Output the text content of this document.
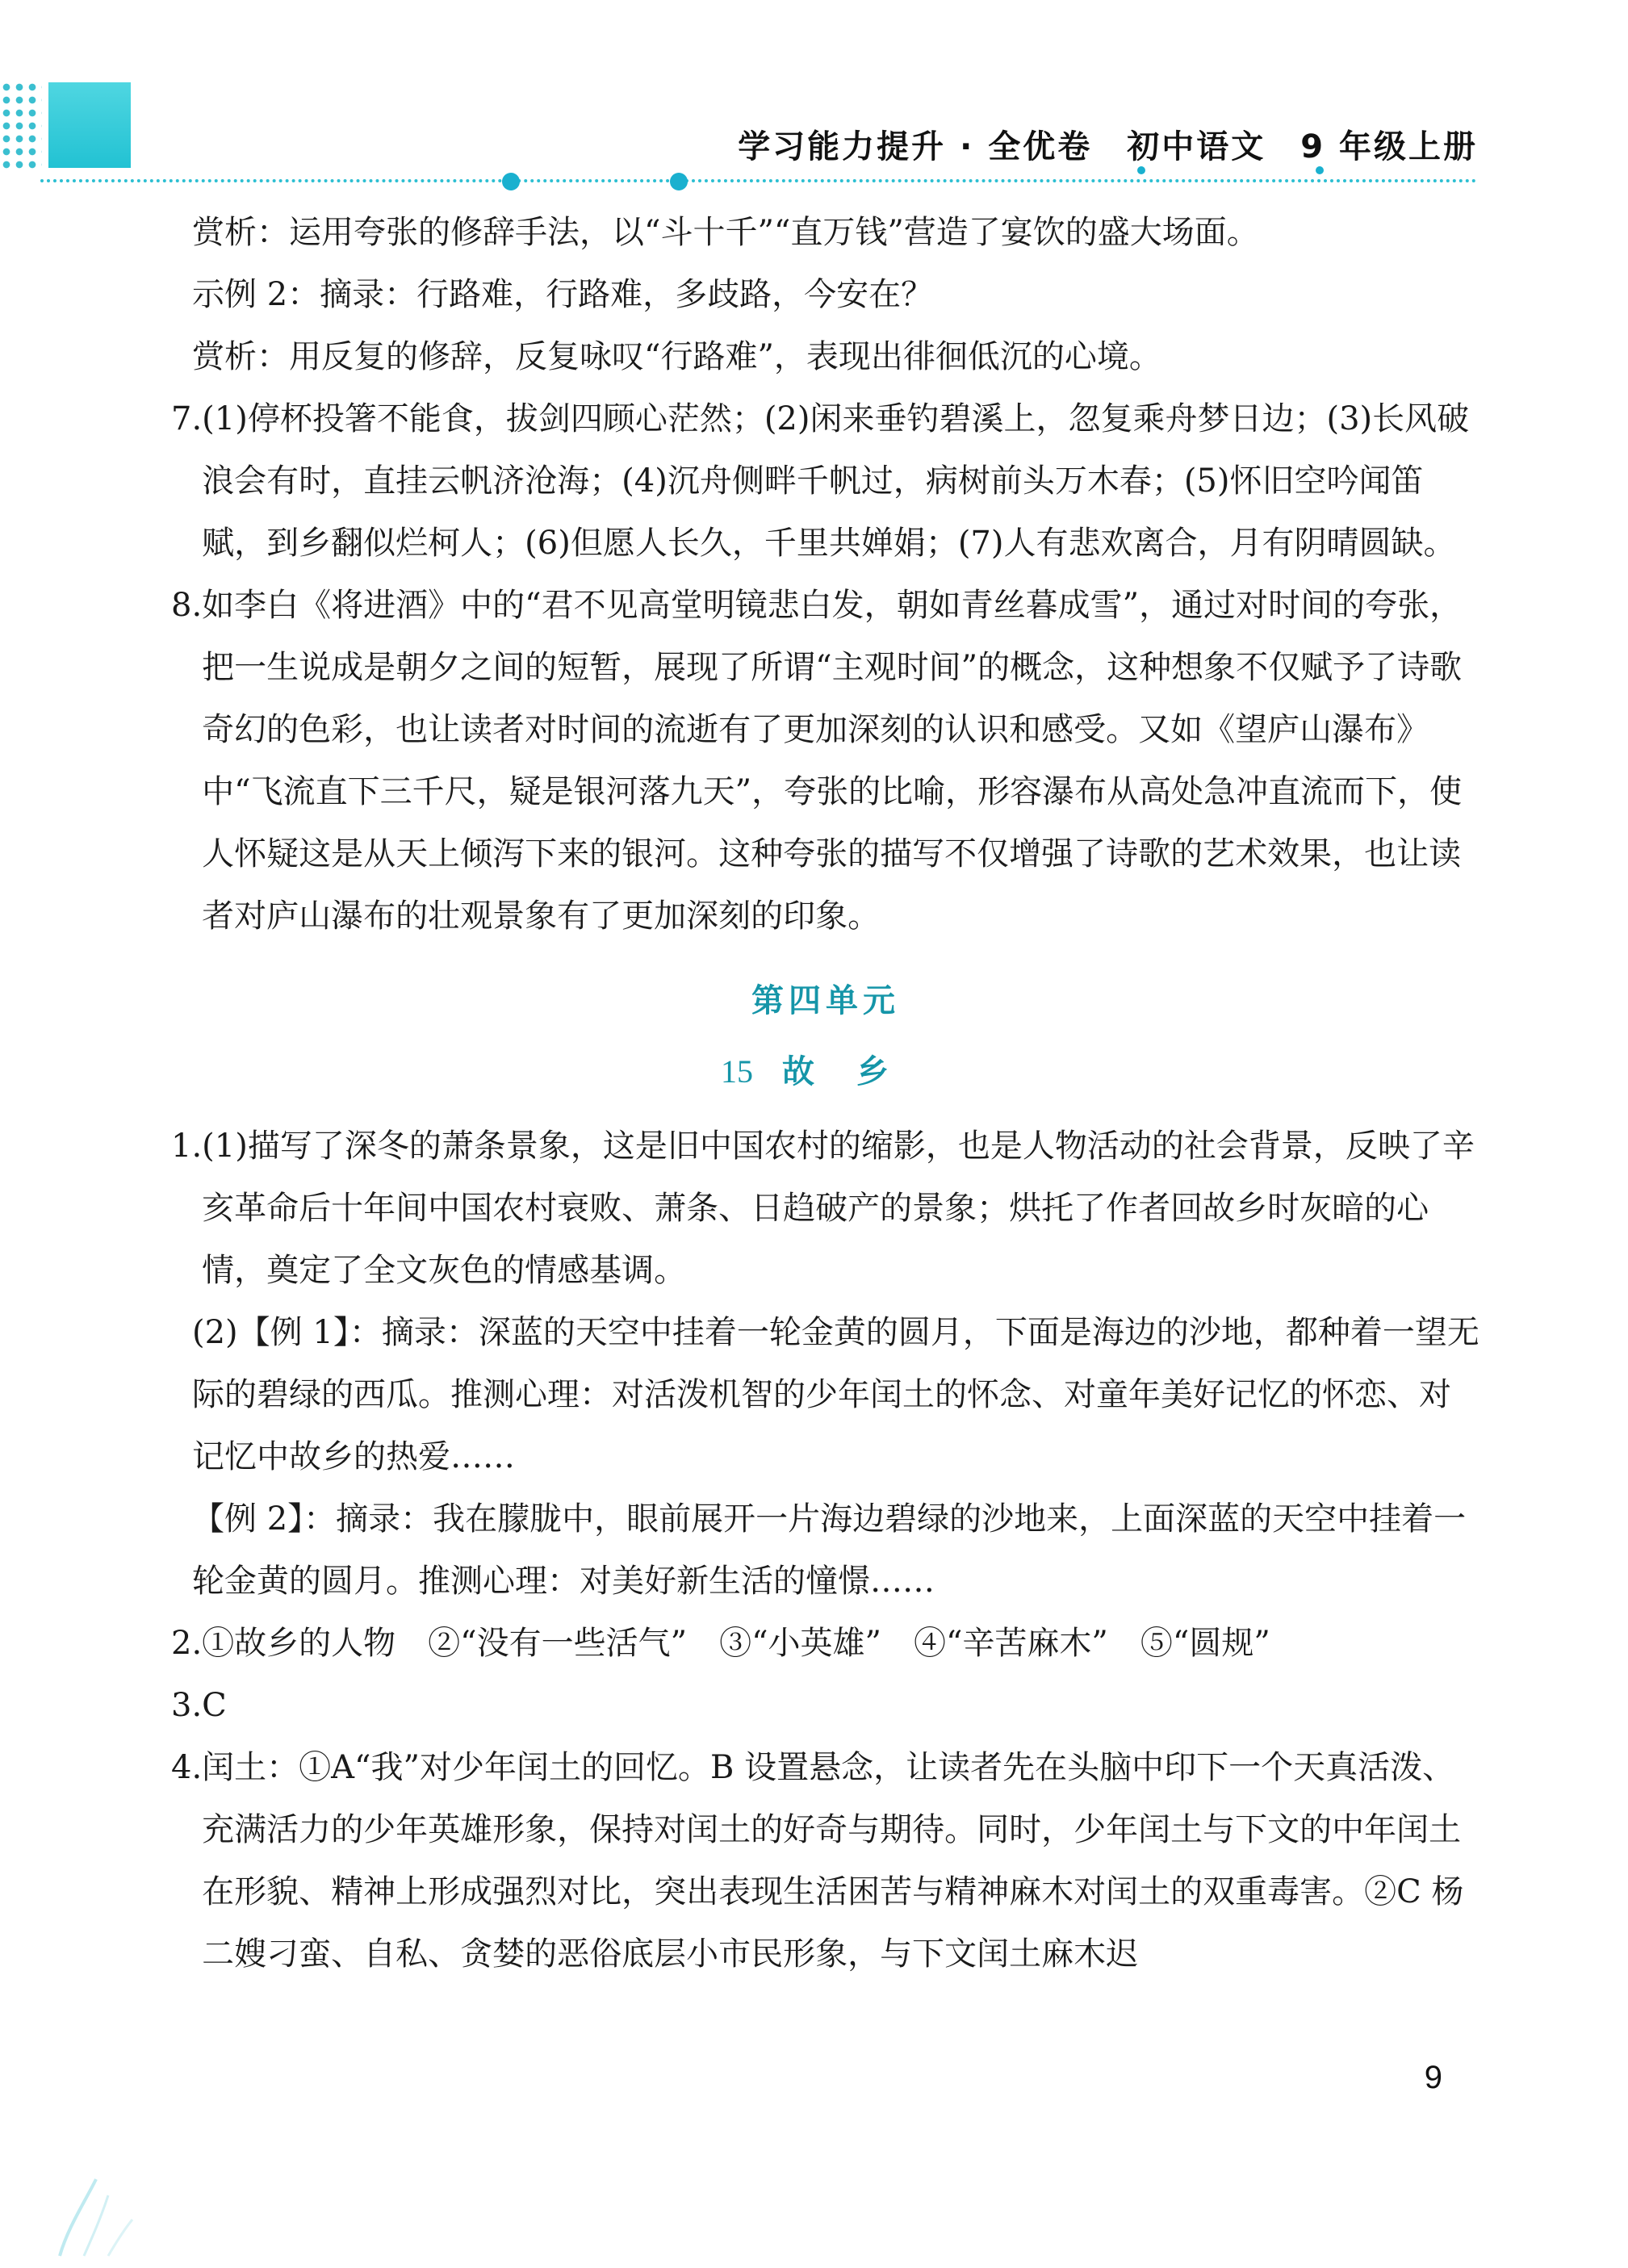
学习能力提升 · 全优卷　初中语文　9 年级上册

赏析：运用夸张的修辞手法，以“斗十千”“直万钱”营造了宴饮的盛大场面。

示例 2：摘录：行路难，行路难，多歧路，今安在？

赏析：用反复的修辞，反复咏叹“行路难”，表现出徘徊低沉的心境。

7. (1)停杯投箸不能食，拔剑四顾心茫然；(2)闲来垂钓碧溪上，忽复乘舟梦日边；(3)长风破浪会有时，直挂云帆济沧海；(4)沉舟侧畔千帆过，病树前头万木春；(5)怀旧空吟闻笛赋，到乡翻似烂柯人；(6)但愿人长久，千里共婵娟；(7)人有悲欢离合，月有阴晴圆缺。
8. 如李白《将进酒》中的“君不见高堂明镜悲白发，朝如青丝暮成雪”，通过对时间的夸张，把一生说成是朝夕之间的短暂，展现了所谓“主观时间”的概念，这种想象不仅赋予了诗歌奇幻的色彩，也让读者对时间的流逝有了更加深刻的认识和感受。又如《望庐山瀑布》中“飞流直下三千尺，疑是银河落九天”，夸张的比喻，形容瀑布从高处急冲直流而下，使人怀疑这是从天上倾泻下来的银河。这种夸张的描写不仅增强了诗歌的艺术效果，也让读者对庐山瀑布的壮观景象有了更加深刻的印象。

第四单元

15 故乡

1. (1)描写了深冬的萧条景象，这是旧中国农村的缩影，也是人物活动的社会背景，反映了辛亥革命后十年间中国农村衰败、萧条、日趋破产的景象；烘托了作者回故乡时灰暗的心情，奠定了全文灰色的情感基调。

(2)【例 1】：摘录：深蓝的天空中挂着一轮金黄的圆月，下面是海边的沙地，都种着一望无际的碧绿的西瓜。推测心理：对活泼机智的少年闰土的怀念、对童年美好记忆的怀恋、对记忆中故乡的热爱……

【例 2】：摘录：我在朦胧中，眼前展开一片海边碧绿的沙地来，上面深蓝的天空中挂着一轮金黄的圆月。推测心理：对美好新生活的憧憬……

2. ①故乡的人物　②“没有一些活气”　③“小英雄”　④“辛苦麻木”　⑤“圆规”
3. C
4. 闰土：①A“我”对少年闰土的回忆。B 设置悬念，让读者先在头脑中印下一个天真活泼、充满活力的少年英雄形象，保持对闰土的好奇与期待。同时，少年闰土与下文的中年闰土在形貌、精神上形成强烈对比，突出表现生活困苦与精神麻木对闰土的双重毒害。②C 杨二嫂刁蛮、自私、贪婪的恶俗底层小市民形象，与下文闰土麻木迟
9
